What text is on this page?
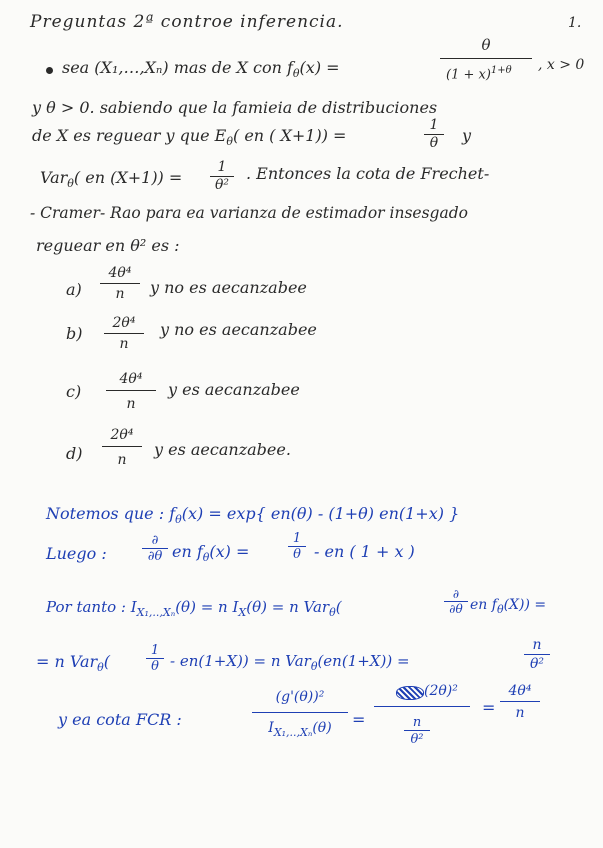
Preguntas 2ª controe inferencia.	1.
sea (X₁,…,Xₙ) mas de X con $f_\theta(x)$ =
θ
$(1 + x)^{1+\theta}$ , x > 0
y θ > 0. sabiendo que la famieia de distribuciones
de X es reguear y que $E_\theta$( en ( X+1)) =	$\frac{1}{\theta}$ y
Var$_\theta$( en $(X+1)) = \frac{1}{\text{θ²}}$ . Entonces la cota de Frechet-
- Cramer- Rao para ea varianza de estimador insesgado
reguear en θ² es :
$a) \frac{\text{4θ⁴}}{n}$ y no es aecanzabee
$b) \frac{\text{2θ⁴}}{n}$ y no es aecanzabee
$c) \frac{\text{4θ⁴}}{n}$ y es aecanzabee
$d) \frac{\text{2θ⁴}}{n}$ y es aecanzabee.
Notemos que : $f_\theta(x) = \exp${ en(θ) - (1+θ) en(1+x) }
Luego :
∂
∂θ en $f_\theta(x)$ =	$\frac{1}{\theta}$ - en ( 1 + x )
Por tanto : $I_{X_1,..,X_n}(\theta) = n$ $I_X(\theta) = n$ Var$_\theta$(
∂
∂θ en $f_\theta(X)$) =
= n Var$_\theta$(	$\frac{1}{\theta} - en(1+X)) = n$ Var$_\theta$(en(1+X)) =	$\frac{n}{\text{θ²}}$
y ea cota FCR :	$\frac{\text{(g'(θ))²}}{I_{X_1,..,X_n}(\theta)}$ =
(2θ)²
$\frac{n}{\text{θ²}}$
= $\frac{\text{4θ⁴}}{n}$
